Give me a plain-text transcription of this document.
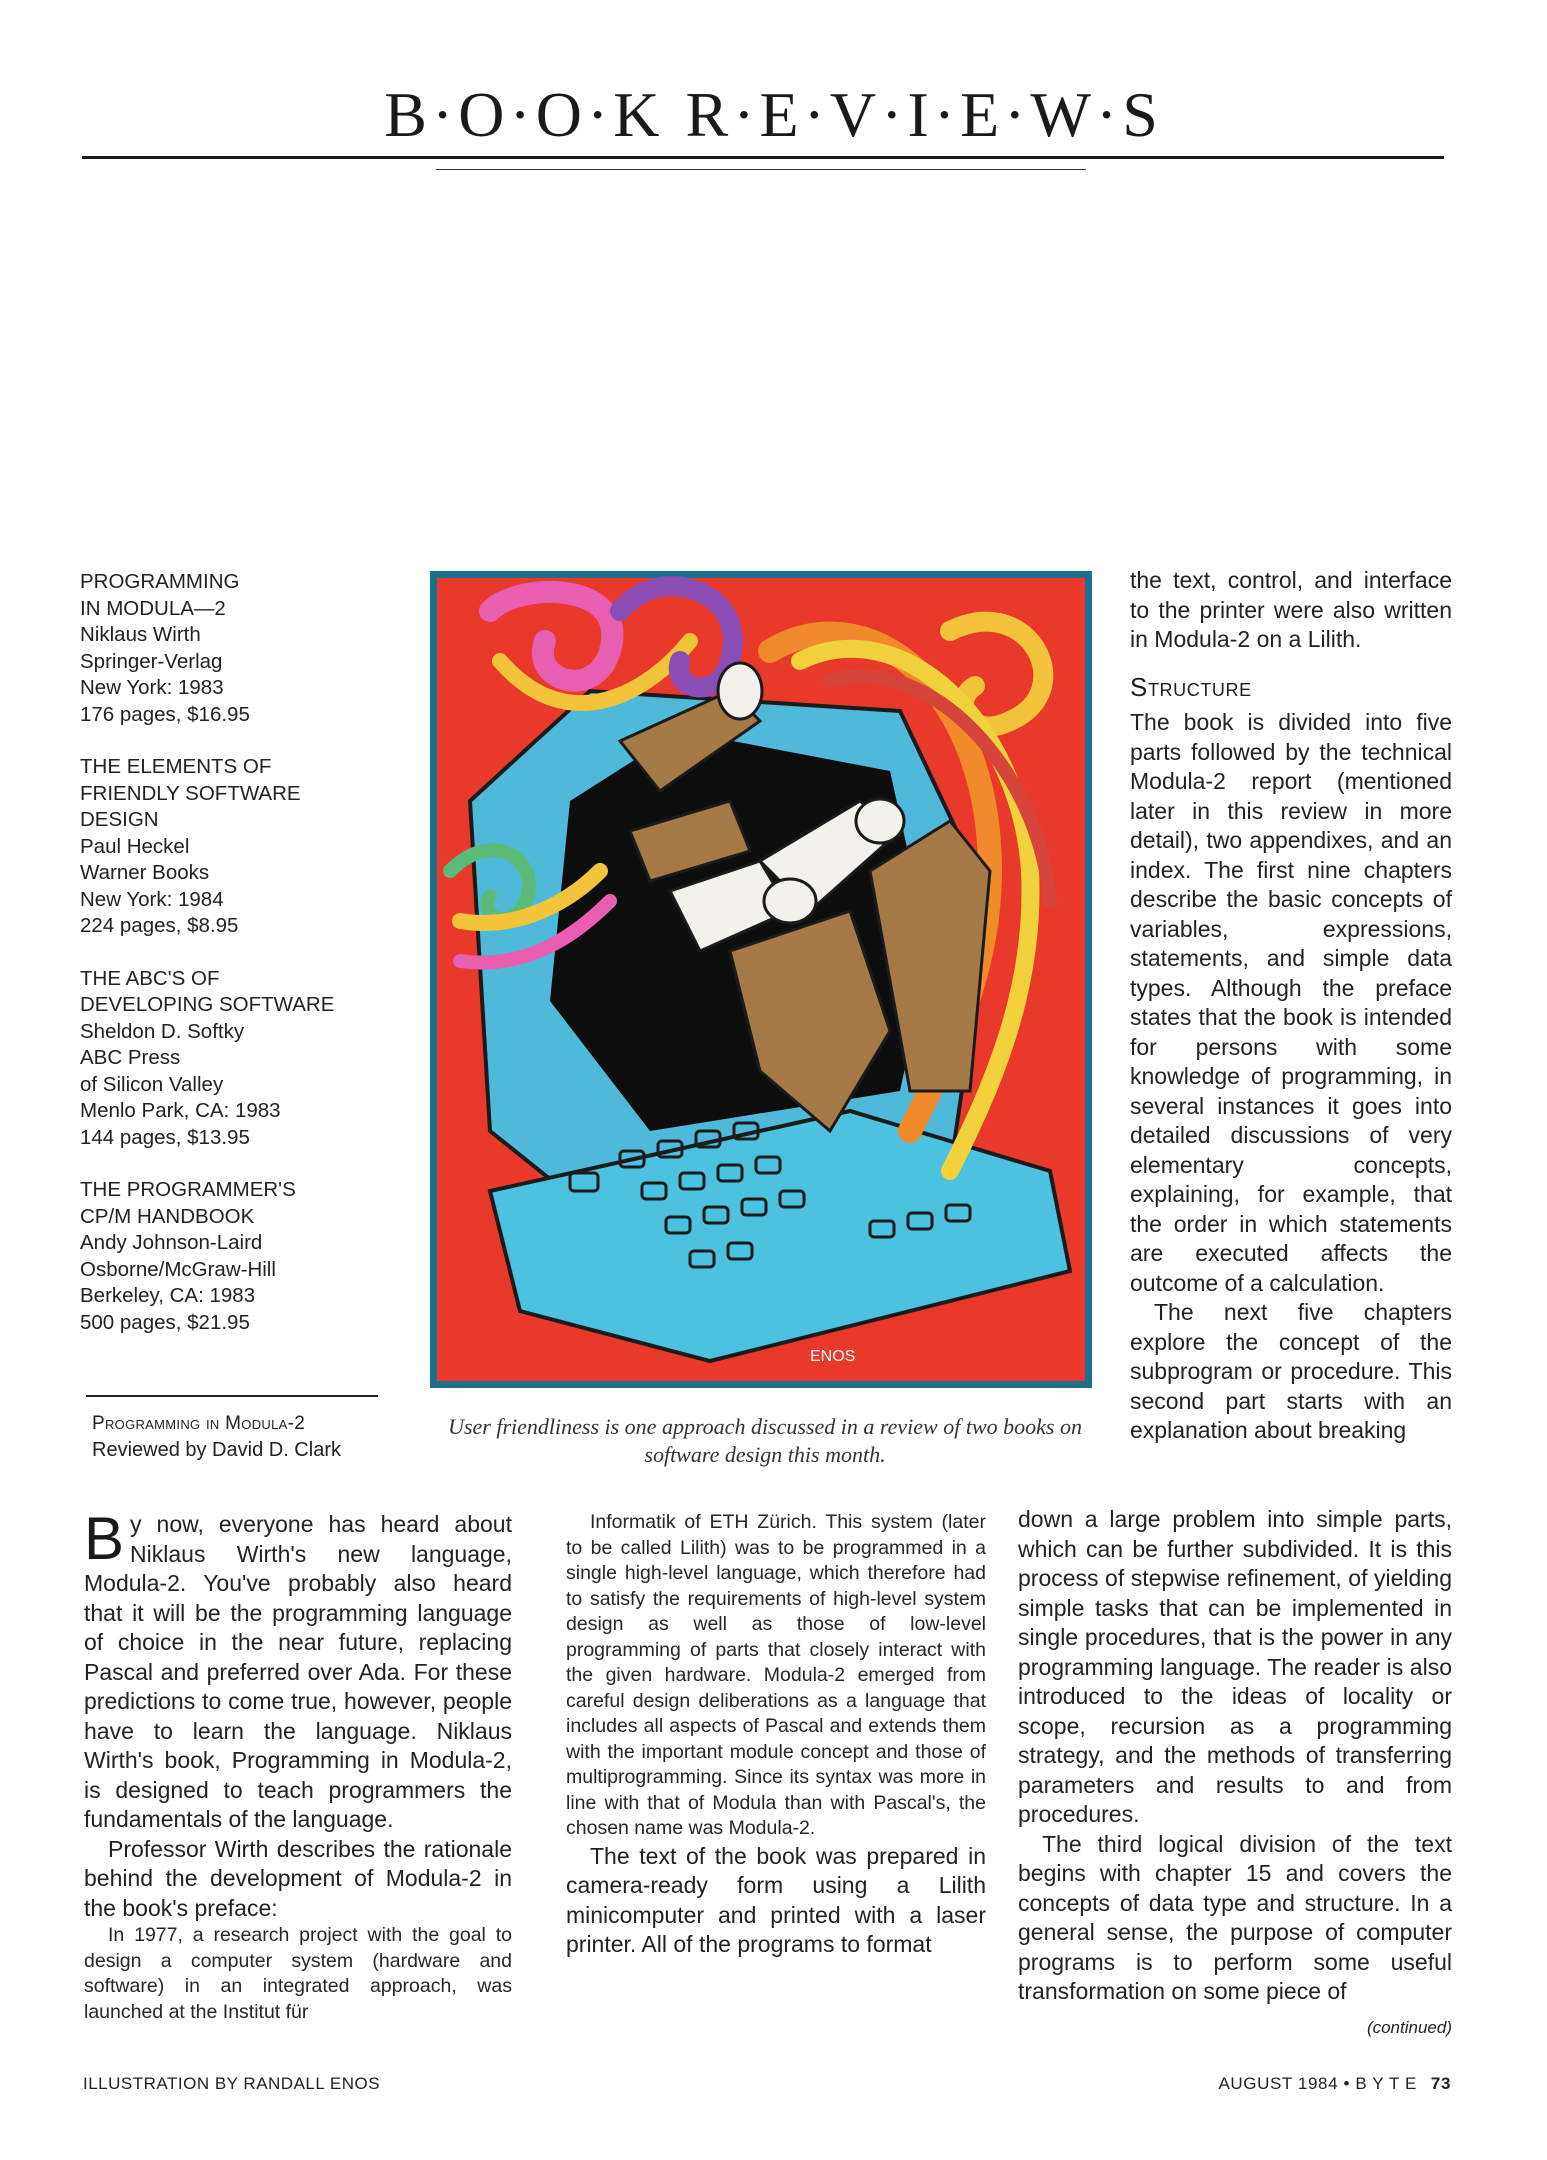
B·O·O·K R·E·V·I·E·W·S
PROGRAMMING
IN MODULA—2
Niklaus Wirth
Springer-Verlag
New York: 1983
176 pages, $16.95
THE ELEMENTS OF
FRIENDLY SOFTWARE
DESIGN
Paul Heckel
Warner Books
New York: 1984
224 pages, $8.95
THE ABC'S OF
DEVELOPING SOFTWARE
Sheldon D. Softky
ABC Press
of Silicon Valley
Menlo Park, CA: 1983
144 pages, $13.95
THE PROGRAMMER'S
CP/M HANDBOOK
Andy Johnson-Laird
Osborne/McGraw-Hill
Berkeley, CA: 1983
500 pages, $21.95
Programming in Modula-2
Reviewed by David D. Clark
ENOS
User friendliness is one approach discussed in a review of two books on software design this month.

the text, control, and interface to the printer were also written in Modula-2 on a Lilith.

Structure

The book is divided into five parts followed by the technical Modula-2 report (mentioned later in this review in more detail), two appendixes, and an index. The first nine chapters describe the basic concepts of variables, expressions, statements, and simple data types. Although the preface states that the book is intended for persons with some knowledge of programming, in several instances it goes into detailed discussions of very elementary concepts, explaining, for example, that the order in which statements are executed affects the outcome of a calculation.

The next five chapters explore the concept of the subprogram or procedure. This second part starts with an explanation about breaking

By now, everyone has heard about Niklaus Wirth's new language, Modula-2. You've probably also heard that it will be the programming language of choice in the near future, replacing Pascal and preferred over Ada. For these predictions to come true, however, people have to learn the language. Niklaus Wirth's book, Programming in Modula-2, is designed to teach programmers the fundamentals of the language.

Professor Wirth describes the rationale behind the development of Modula-2 in the book's preface:

In 1977, a research project with the goal to design a computer system (hardware and software) in an integrated approach, was launched at the Institut für

Informatik of ETH Zürich. This system (later to be called Lilith) was to be programmed in a single high-level language, which therefore had to satisfy the requirements of high-level system design as well as those of low-level programming of parts that closely interact with the given hardware. Modula-2 emerged from careful design deliberations as a language that includes all aspects of Pascal and extends them with the important module concept and those of multiprogramming. Since its syntax was more in line with that of Modula than with Pascal's, the chosen name was Modula-2.

The text of the book was prepared in camera-ready form using a Lilith minicomputer and printed with a laser printer. All of the programs to format

down a large problem into simple parts, which can be further subdivided. It is this process of stepwise refinement, of yielding simple tasks that can be implemented in single procedures, that is the power in any programming language. The reader is also introduced to the ideas of locality or scope, recursion as a programming strategy, and the methods of transferring parameters and results to and from procedures.

The third logical division of the text begins with chapter 15 and covers the concepts of data type and structure. In a general sense, the purpose of computer programs is to perform some useful transformation on some piece of

(continued)
ILLUSTRATION BY RANDALL ENOS	AUGUST 1984 • B Y T E 73
